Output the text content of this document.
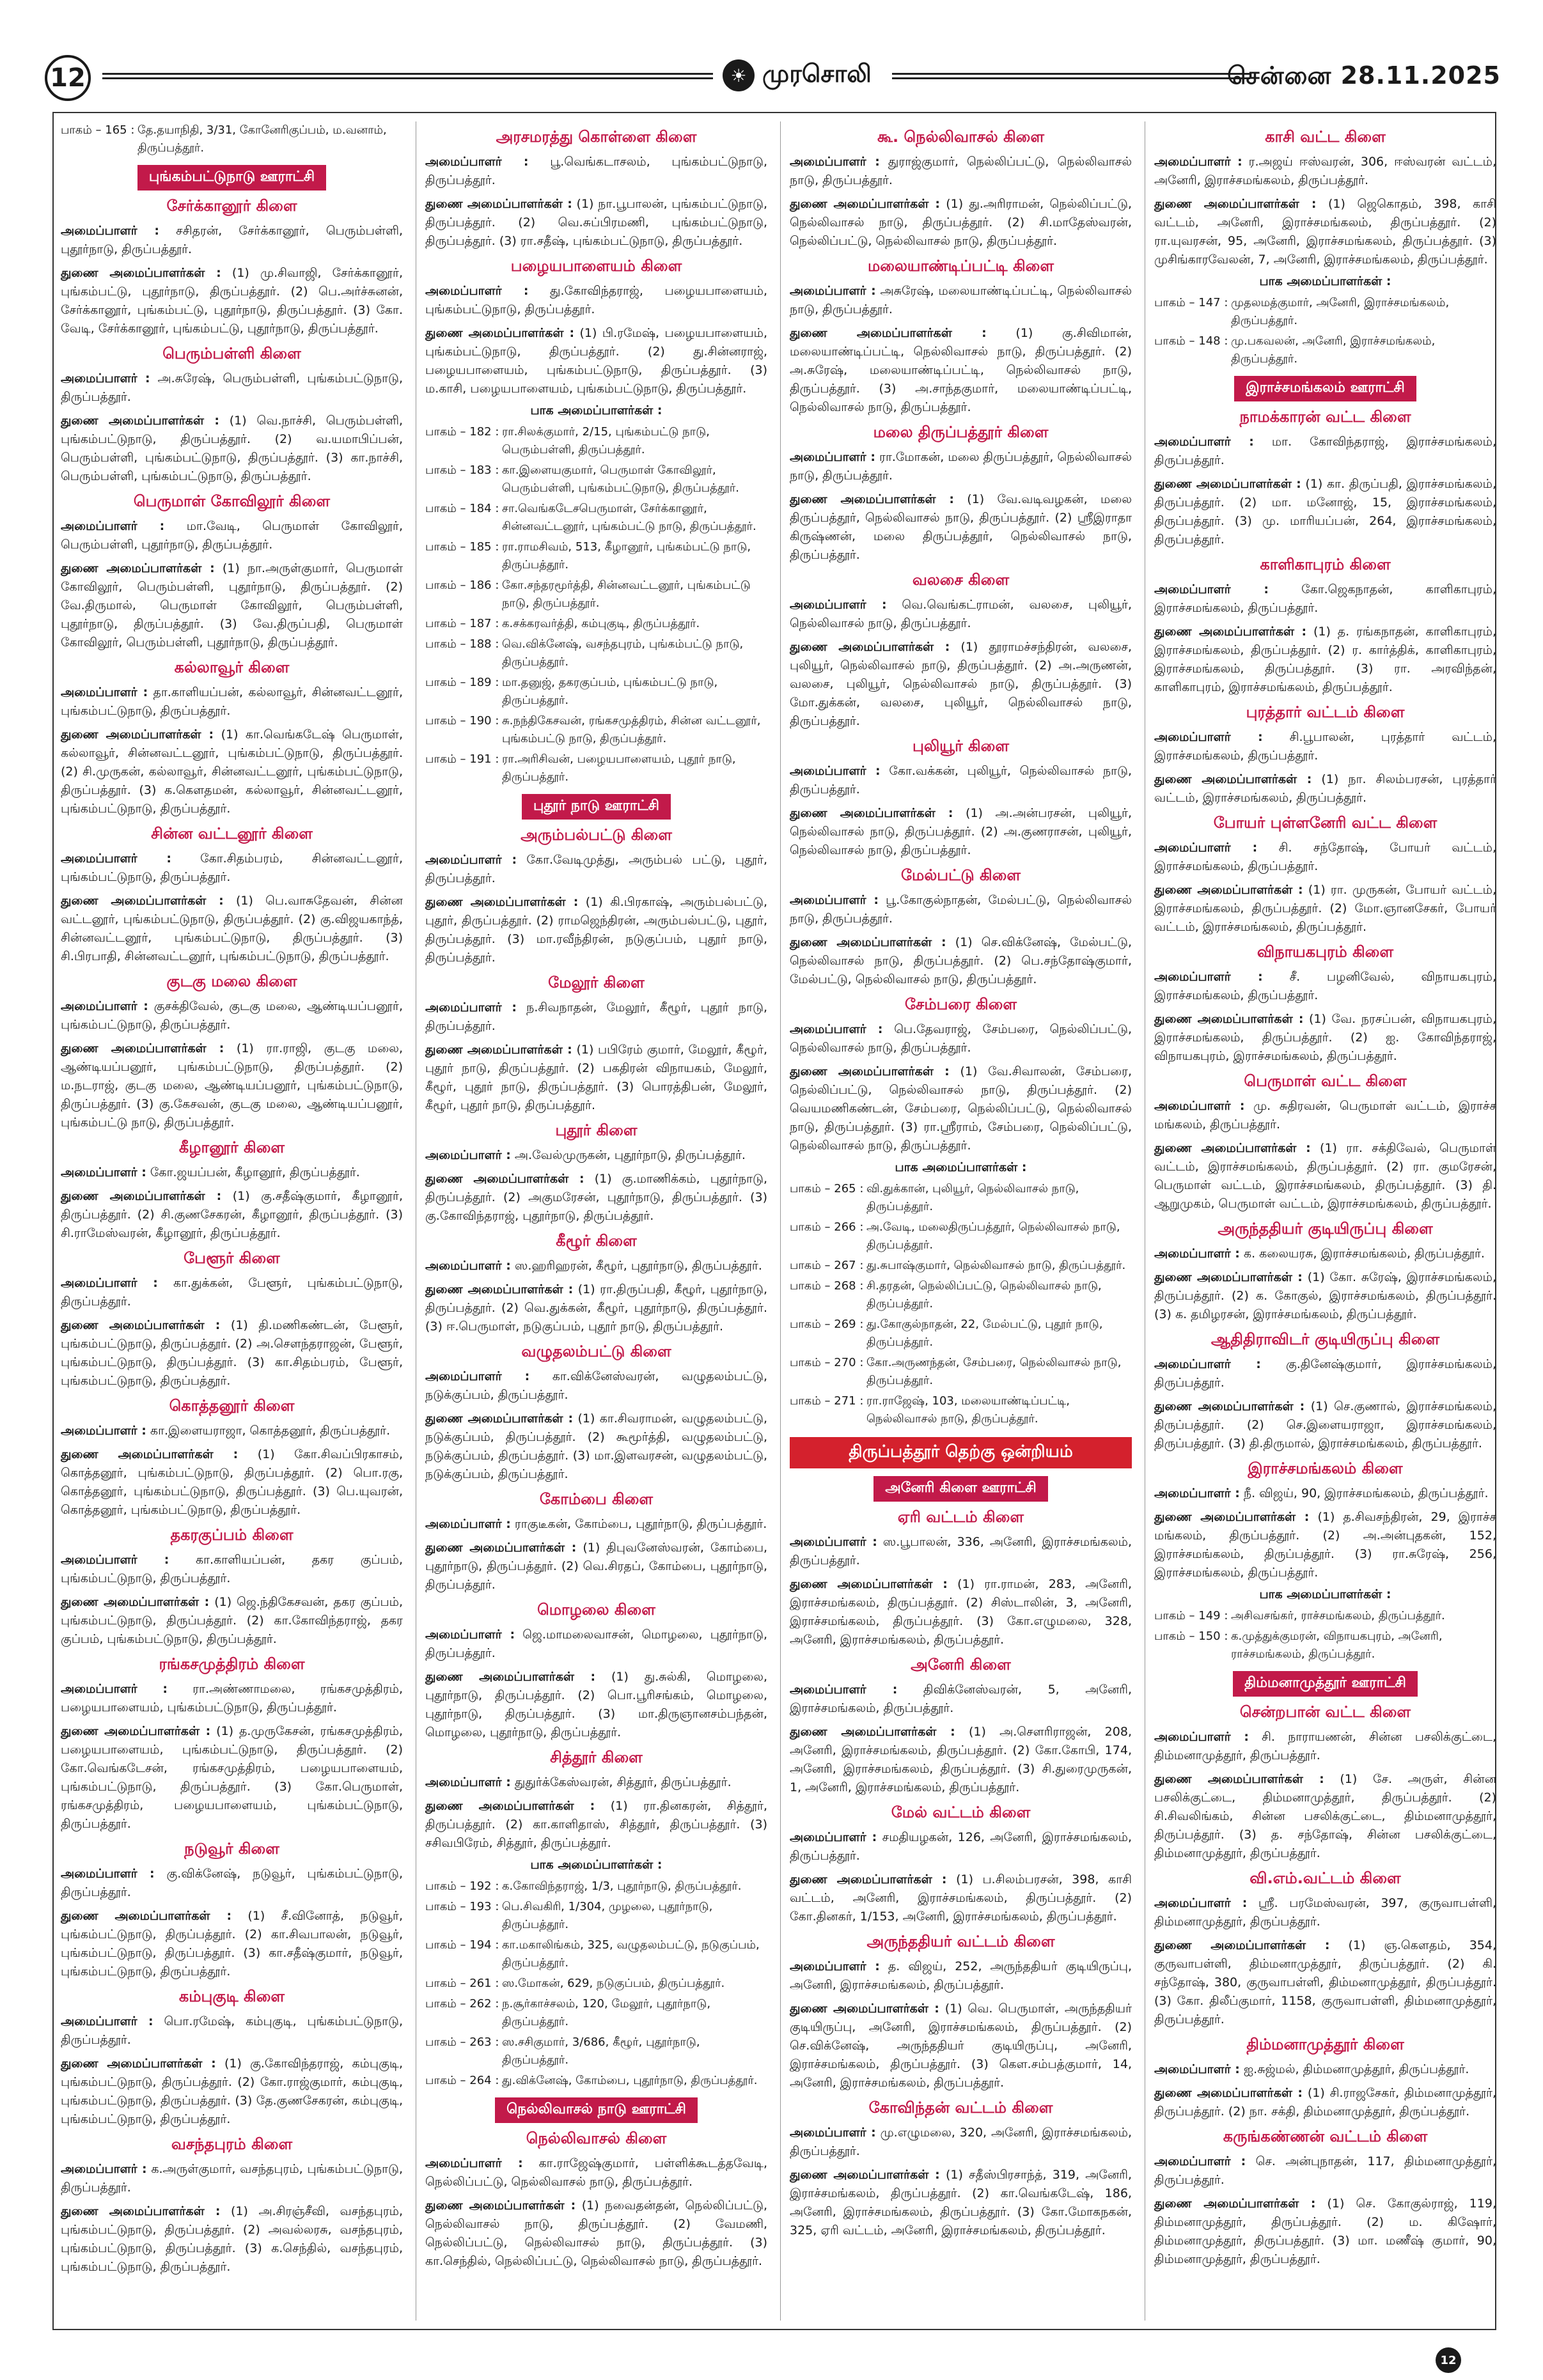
12	☀ முரசொலி	சென்னை 28.11.2025
பாகம் – 165 : தே.தயாநிதி, 3/31, கோனேரிகுப்பம், ம.வனாம், திருப்பத்தூர்.
புங்கம்பட்டுநாடு ஊராட்சி
சேர்க்கானூர் கிளை
அமைப்பாளர் : சசிதரன், சேர்க்கானூர், பெரும்பள்ளி, புதூர்நாடு, திருப்பத்தூர்.
துணை அமைப்பாளர்கள் : (1) மு.சிவாஜி, சேர்க்கானூர், புங்கம்பட்டு, புதூர்நாடு, திருப்பத்தூர். (2) பெ.அர்ச்சுனன், சேர்க்கானூர், புங்கம்பட்டு, புதூர்நாடு, திருப்பத்தூர். (3) கோ. வேடி, சேர்க்கானூர், புங்கம்பட்டு, புதூர்நாடு, திருப்பத்தூர்.
பெரும்பள்ளி கிளை
அமைப்பாளர் : அ.சுரேஷ், பெரும்பள்ளி, புங்கம்பட்டுநாடு, திருப்பத்தூர்.
துணை அமைப்பாளர்கள் : (1) வெ.நாச்சி, பெரும்பள்ளி, புங்கம்பட்டுநாடு, திருப்பத்தூர். (2) வ.யமாபிப்பன், பெரும்பள்ளி, புங்கம்பட்டுநாடு, திருப்பத்தூர். (3) கா.நாச்சி, பெரும்பள்ளி, புங்கம்பட்டுநாடு, திருப்பத்தூர்.
பெருமாள் கோவிலூர் கிளை
அமைப்பாளர் : மா.வேடி, பெருமாள் கோவிலூர், பெரும்பள்ளி, புதூர்நாடு, திருப்பத்தூர்.
துணை அமைப்பாளர்கள் : (1) நா.அருள்குமார், பெருமாள் கோவிலூர், பெரும்பள்ளி, புதூர்நாடு, திருப்பத்தூர். (2) வே.திருமால், பெருமாள் கோவிலூர், பெரும்பள்ளி, புதூர்நாடு, திருப்பத்தூர். (3) வே.திருப்பதி, பெருமாள் கோவிலூர், பெரும்பள்ளி, புதூர்நாடு, திருப்பத்தூர்.
கல்லாவூர் கிளை
அமைப்பாளர் : தா.காளியப்பன், கல்லாவூர், சின்னவட்டனூர், புங்கம்பட்டுநாடு, திருப்பத்தூர்.
துணை அமைப்பாளர்கள் : (1) கா.வெங்கடேஷ் பெருமாள், கல்லாவூர், சின்னவட்டனூர், புங்கம்பட்டுநாடு, திருப்பத்தூர். (2) சி.முருகன், கல்லாவூர், சின்னவட்டனூர், புங்கம்பட்டுநாடு, திருப்பத்தூர். (3) க.கௌதமன், கல்லாவூர், சின்னவட்டனூர், புங்கம்பட்டுநாடு, திருப்பத்தூர்.
சின்ன வட்டனூர் கிளை
அமைப்பாளர் : கோ.சிதம்பரம், சின்னவட்டனூர், புங்கம்பட்டுநாடு, திருப்பத்தூர்.
துணை அமைப்பாளர்கள் : (1) பெ.வாசுதேவன், சின்ன வட்டனூர், புங்கம்பட்டுநாடு, திருப்பத்தூர். (2) கு.விஜயகாந்த், சின்னவட்டனூர், புங்கம்பட்டுநாடு, திருப்பத்தூர். (3) சி.பிரபாதி, சின்னவட்டனூர், புங்கம்பட்டுநாடு, திருப்பத்தூர்.
குடகு மலை கிளை
அமைப்பாளர் : குசக்திவேல், குடகு மலை, ஆண்டியப்பனூர், புங்கம்பட்டுநாடு, திருப்பத்தூர்.
துணை அமைப்பாளர்கள் : (1) ரா.ராஜி, குடகு மலை, ஆண்டியப்பனூர், புங்கம்பட்டுநாடு, திருப்பத்தூர். (2) ம.நடராஜ், குடகு மலை, ஆண்டியப்பனூர், புங்கம்பட்டுநாடு, திருப்பத்தூர். (3) கு.கேசவன், குடகு மலை, ஆண்டியப்பனூர், புங்கம்பட்டு நாடு, திருப்பத்தூர்.
கீழானூர் கிளை
அமைப்பாளர் : கோ.ஜயப்பன், கீழானூர், திருப்பத்தூர்.
துணை அமைப்பாளர்கள் : (1) கு.சதீஷ்குமார், கீழானூர், திருப்பத்தூர். (2) சி.குணசேகரன், கீழானூர், திருப்பத்தூர். (3) சி.ராமேஸ்வரன், கீழானூர், திருப்பத்தூர்.
பேளூர் கிளை
அமைப்பாளர் : கா.துக்கன், பேளூர், புங்கம்பட்டுநாடு, திருப்பத்தூர்.
துணை அமைப்பாளர்கள் : (1) தி.மணிகண்டன், பேளூர், புங்கம்பட்டுநாடு, திருப்பத்தூர். (2) அ.சௌந்தராஜன், பேளூர், புங்கம்பட்டுநாடு, திருப்பத்தூர். (3) கா.சிதம்பரம், பேளூர், புங்கம்பட்டுநாடு, திருப்பத்தூர்.
கொத்தனூர் கிளை
அமைப்பாளர் : கா.இளையராஜா, கொத்தனூர், திருப்பத்தூர்.
துணை அமைப்பாளர்கள் : (1) கோ.சிவப்பிரகாசம், கொத்தனூர், புங்கம்பட்டுநாடு, திருப்பத்தூர். (2) பொ.ரகு, கொத்தனூர், புங்கம்பட்டுநாடு, திருப்பத்தூர். (3) பெ.யுவரன், கொத்தனூர், புங்கம்பட்டுநாடு, திருப்பத்தூர்.
தகரகுப்பம் கிளை
அமைப்பாளர் : கா.காளியப்பன், தகர குப்பம், புங்கம்பட்டுநாடு, திருப்பத்தூர்.
துணை அமைப்பாளர்கள் : (1) ஜெ.ந்திகேசவன், தகர குப்பம், புங்கம்பட்டுநாடு, திருப்பத்தூர். (2) கா.கோவிந்தராஜ், தகர குப்பம், புங்கம்பட்டுநாடு, திருப்பத்தூர்.
ரங்கசமுத்திரம் கிளை
அமைப்பாளர் : ரா.அண்ணாமலை, ரங்கசமுத்திரம், பழையபாளையம், புங்கம்பட்டுநாடு, திருப்பத்தூர்.
துணை அமைப்பாளர்கள் : (1) த.முருகேசன், ரங்கசமுத்திரம், பழையபாளையம், புங்கம்பட்டுநாடு, திருப்பத்தூர். (2) கோ.வெங்கடேசன், ரங்கசமுத்திரம், பழையபாளையம், புங்கம்பட்டுநாடு, திருப்பத்தூர். (3) கோ.பெருமாள், ரங்கசமுத்திரம், பழையபாளையம், புங்கம்பட்டுநாடு, திருப்பத்தூர்.
நடுவூர் கிளை
அமைப்பாளர் : கு.விக்னேஷ், நடுவூர், புங்கம்பட்டுநாடு, திருப்பத்தூர்.
துணை அமைப்பாளர்கள் : (1) சீ.வினோத், நடுவூர், புங்கம்பட்டுநாடு, திருப்பத்தூர். (2) கா.சிவபாலன், நடுவூர், புங்கம்பட்டுநாடு, திருப்பத்தூர். (3) கா.சதீஷ்குமார், நடுவூர், புங்கம்பட்டுநாடு, திருப்பத்தூர்.
கம்புகுடி கிளை
அமைப்பாளர் : பொ.ரமேஷ், கம்புகுடி, புங்கம்பட்டுநாடு, திருப்பத்தூர்.
துணை அமைப்பாளர்கள் : (1) கு.கோவிந்தராஜ், கம்புகுடி, புங்கம்பட்டுநாடு, திருப்பத்தூர். (2) கோ.ராஜ்குமார், கம்புகுடி, புங்கம்பட்டுநாடு, திருப்பத்தூர். (3) தே.குணசேகரன், கம்புகுடி, புங்கம்பட்டுநாடு, திருப்பத்தூர்.
வசந்தபுரம் கிளை
அமைப்பாளர் : க.அருள்குமார், வசந்தபுரம், புங்கம்பட்டுநாடு, திருப்பத்தூர்.
துணை அமைப்பாளர்கள் : (1) அ.சிரஞ்சீவி, வசந்தபுரம், புங்கம்பட்டுநாடு, திருப்பத்தூர். (2) அவல்லரசு, வசந்தபுரம், புங்கம்பட்டுநாடு, திருப்பத்தூர். (3) க.செந்தில், வசந்தபுரம், புங்கம்பட்டுநாடு, திருப்பத்தூர்.
அரசமரத்து கொள்ளை கிளை
அமைப்பாளர் : பூ.வெங்கடாசலம், புங்கம்பட்டுநாடு, திருப்பத்தூர்.
துணை அமைப்பாளர்கள் : (1) நா.பூபாலன், புங்கம்பட்டுநாடு, திருப்பத்தூர். (2) வெ.சுப்பிரமணி, புங்கம்பட்டுநாடு, திருப்பத்தூர். (3) ரா.சதீஷ், புங்கம்பட்டுநாடு, திருப்பத்தூர்.
பழையபாளையம் கிளை
அமைப்பாளர் : து.கோவிந்தராஜ், பழையபாளையம், புங்கம்பட்டுநாடு, திருப்பத்தூர்.
துணை அமைப்பாளர்கள் : (1) பி.ரமேஷ், பழையபாளையம், புங்கம்பட்டுநாடு, திருப்பத்தூர். (2) து.சின்னராஜ், பழையபாளையம், புங்கம்பட்டுநாடு, திருப்பத்தூர். (3) ம.காசி, பழையபாளையம், புங்கம்பட்டுநாடு, திருப்பத்தூர்.
பாக அமைப்பாளர்கள் :
பாகம் – 182 : ரா.சிலக்குமார், 2/15, புங்கம்பட்டு நாடு, பெரும்பள்ளி, திருப்பத்தூர்.
பாகம் – 183 : கா.இளையகுமார், பெருமாள் கோவிலூர், பெரும்பள்ளி, புங்கம்பட்டுநாடு, திருப்பத்தூர்.
பாகம் – 184 : சா.வெங்கடேசபெருமாள், சேர்க்கானூர், சின்னவட்டனூர், புங்கம்பட்டு நாடு, திருப்பத்தூர்.
பாகம் – 185 : ரா.ராமசிவம், 513, கீழானூர், புங்கம்பட்டு நாடு, திருப்பத்தூர்.
பாகம் – 186 : கோ.சந்தரமூர்த்தி, சின்னவட்டனூர், புங்கம்பட்டு நாடு, திருப்பத்தூர்.
பாகம் – 187 : க.சக்கரவர்த்தி, கம்புகுடி, திருப்பத்தூர்.
பாகம் – 188 : வெ.விக்னேஷ், வசந்தபுரம், புங்கம்பட்டு நாடு, திருப்பத்தூர்.
பாகம் – 189 : மா.தனுஜ், தகரகுப்பம், புங்கம்பட்டு நாடு, திருப்பத்தூர்.
பாகம் – 190 : சு.நந்திகேசவன், ரங்கசமுத்திரம், சின்ன வட்டனூர், புங்கம்பட்டு நாடு, திருப்பத்தூர்.
பாகம் – 191 : ரா.அரிசிவன், பழையபாளையம், புதூர் நாடு, திருப்பத்தூர்.
புதூர் நாடு ஊராட்சி
அரும்பல்பட்டு கிளை
அமைப்பாளர் : கோ.வேடிமுத்து, அரும்பல் பட்டு, புதூர், திருப்பத்தூர்.
துணை அமைப்பாளர்கள் : (1) கி.பிரகாஷ், அரும்பல்பட்டு, புதூர், திருப்பத்தூர். (2) ராமஜெந்திரன், அரும்பல்பட்டு, புதூர், திருப்பத்தூர். (3) மா.ரவீந்திரன், நடுகுப்பம், புதூர் நாடு, திருப்பத்தூர்.
மேலூர் கிளை
அமைப்பாளர் : ந.சிவநாதன், மேலூர், கீழூர், புதூர் நாடு, திருப்பத்தூர்.
துணை அமைப்பாளர்கள் : (1) பபிரேம் குமார், மேலூர், கீழூர், புதூர் நாடு, திருப்பத்தூர். (2) பகதிரன் விநாயகம், மேலூர், கீழூர், புதூர் நாடு, திருப்பத்தூர். (3) பொரத்திபன், மேலூர், கீழூர், புதூர் நாடு, திருப்பத்தூர்.
புதூர் கிளை
அமைப்பாளர் : அ.வேல்முருகன், புதூர்நாடு, திருப்பத்தூர்.
துணை அமைப்பாளர்கள் : (1) கு.மாணிக்கம், புதூர்நாடு, திருப்பத்தூர். (2) அகுமரேசன், புதூர்நாடு, திருப்பத்தூர். (3) கு.கோவிந்தராஜ், புதூர்நாடு, திருப்பத்தூர்.
கீழூர் கிளை
அமைப்பாளர் : ஸ.ஹரிஹரன், கீழூர், புதூர்நாடு, திருப்பத்தூர்.
துணை அமைப்பாளர்கள் : (1) ரா.திருப்பதி, கீழூர், புதூர்நாடு, திருப்பத்தூர். (2) வெ.துக்கன், கீழூர், புதூர்நாடு, திருப்பத்தூர். (3) ஈ.பெருமாள், நடுகுப்பம், புதூர் நாடு, திருப்பத்தூர்.
வழுதலம்பட்டு கிளை
அமைப்பாளர் : கா.விக்னேஸ்வரன், வழுதலம்பட்டு, நடுக்குப்பம், திருப்பத்தூர்.
துணை அமைப்பாளர்கள் : (1) கா.சிவராமன், வழுதலம்பட்டு, நடுக்குப்பம், திருப்பத்தூர். (2) கூமூர்த்தி, வழுதலம்பட்டு, நடுக்குப்பம், திருப்பத்தூர். (3) மா.இளவரசன், வழுதலம்பட்டு, நடுக்குப்பம், திருப்பத்தூர்.
கோம்பை கிளை
அமைப்பாளர் : ராகுடீகன், கோம்பை, புதூர்நாடு, திருப்பத்தூர்.
துணை அமைப்பாளர்கள் : (1) திபுவனேஸ்வரன், கோம்பை, புதூர்நாடு, திருப்பத்தூர். (2) வெ.சிரதப், கோம்பை, புதூர்நாடு, திருப்பத்தூர்.
மொழலை கிளை
அமைப்பாளர் : ஜெ.மாமலைவாசன், மொழலை, புதூர்நாடு, திருப்பத்தூர்.
துணை அமைப்பாளர்கள் : (1) து.சுல்கி, மொழலை, புதூர்நாடு, திருப்பத்தூர். (2) பொ.பூரிசங்கம், மொழலை, புதூர்நாடு, திருப்பத்தூர். (3) மா.திருஞானசம்பந்தன், மொழலை, புதூர்நாடு, திருப்பத்தூர்.
சித்தூர் கிளை
அமைப்பாளர் : துதுர்க்கேஸ்வரன், சித்தூர், திருப்பத்தூர்.
துணை அமைப்பாளர்கள் : (1) ரா.தினகரன், சித்தூர், திருப்பத்தூர். (2) கா.காளிதாஸ், சித்தூர், திருப்பத்தூர். (3) சசிவபிரேம், சித்தூர், திருப்பத்தூர்.
பாக அமைப்பாளர்கள் :
பாகம் – 192 : க.கோவிந்தராஜ், 1/3, புதூர்நாடு, திருப்பத்தூர்.
பாகம் – 193 : பெ.சிவகிரி, 1/304, முழலை, புதூர்நாடு, திருப்பத்தூர்.
பாகம் – 194 : கா.மகாலிங்கம், 325, வழுதலம்பட்டு, நடுகுப்பம், திருப்பத்தூர்.
பாகம் – 261 : ஸ.மோகன், 629, நடுகுப்பம், திருப்பத்தூர்.
பாகம் – 262 : ந.சூர்காச்சலம், 120, மேலூர், புதூர்நாடு, திருப்பத்தூர்.
பாகம் – 263 : ஸ.சசிகுமார், 3/686, கீழூர், புதூர்நாடு, திருப்பத்தூர்.
பாகம் – 264 : து.விக்னேஷ், கோம்பை, புதூர்நாடு, திருப்பத்தூர்.
நெல்லிவாசல் நாடு ஊராட்சி
நெல்லிவாசல் கிளை
அமைப்பாளர் : கா.ராஜேஷ்குமார், பள்ளிக்கூடத்தவேடி, நெல்லிப்பட்டு, நெல்லிவாசல் நாடு, திருப்பத்தூர்.
துணை அமைப்பாளர்கள் : (1) நவைதன்தன், நெல்லிப்பட்டு, நெல்லிவாசல் நாடு, திருப்பத்தூர். (2) வேமணி, நெல்லிப்பட்டு, நெல்லிவாசல் நாடு, திருப்பத்தூர். (3) கா.செந்தில், நெல்லிப்பட்டு, நெல்லிவாசல் நாடு, திருப்பத்தூர்.
கூ. நெல்லிவாசல் கிளை
அமைப்பாளர் : துராஜ்குமார், நெல்லிப்பட்டு, நெல்லிவாசல் நாடு, திருப்பத்தூர்.
துணை அமைப்பாளர்கள் : (1) து.அரிராமன், நெல்லிப்பட்டு, நெல்லிவாசல் நாடு, திருப்பத்தூர். (2) சி.மாதேஸ்வரன், நெல்லிப்பட்டு, நெல்லிவாசல் நாடு, திருப்பத்தூர்.
மலையாண்டிப்பட்டி கிளை
அமைப்பாளர் : அசுரேஷ், மலையாண்டிப்பட்டி, நெல்லிவாசல் நாடு, திருப்பத்தூர்.
துணை அமைப்பாளர்கள் : (1) கு.சிவிமான், மலையாண்டிப்பட்டி, நெல்லிவாசல் நாடு, திருப்பத்தூர். (2) அ.சுரேஷ், மலையாண்டிப்பட்டி, நெல்லிவாசல் நாடு, திருப்பத்தூர். (3) அ.சாந்தகுமார், மலையாண்டிப்பட்டி, நெல்லிவாசல் நாடு, திருப்பத்தூர்.
மலை திருப்பத்தூர் கிளை
அமைப்பாளர் : ரா.மோகன், மலை திருப்பத்தூர், நெல்லிவாசல் நாடு, திருப்பத்தூர்.
துணை அமைப்பாளர்கள் : (1) வே.வடிவழகன், மலை திருப்பத்தூர், நெல்லிவாசல் நாடு, திருப்பத்தூர். (2) ஸ்ரீஇராதா கிருஷ்ணன், மலை திருப்பத்தூர், நெல்லிவாசல் நாடு, திருப்பத்தூர்.
வலசை கிளை
அமைப்பாளர் : வெ.வெங்கட்ராமன், வலசை, புலியூர், நெல்லிவாசல் நாடு, திருப்பத்தூர்.
துணை அமைப்பாளர்கள் : (1) தூராமச்சந்திரன், வலசை, புலியூர், நெல்லிவாசல் நாடு, திருப்பத்தூர். (2) அ.அருணன், வலசை, புலியூர், நெல்லிவாசல் நாடு, திருப்பத்தூர். (3) மோ.துக்கன், வலசை, புலியூர், நெல்லிவாசல் நாடு, திருப்பத்தூர்.
புலியூர் கிளை
அமைப்பாளர் : கோ.வக்கன், புலியூர், நெல்லிவாசல் நாடு, திருப்பத்தூர்.
துணை அமைப்பாளர்கள் : (1) அ.அன்பரசன், புலியூர், நெல்லிவாசல் நாடு, திருப்பத்தூர். (2) அ.குணராசன், புலியூர், நெல்லிவாசல் நாடு, திருப்பத்தூர்.
மேல்பட்டு கிளை
அமைப்பாளர் : பூ.கோகுல்நாதன், மேல்பட்டு, நெல்லிவாசல் நாடு, திருப்பத்தூர்.
துணை அமைப்பாளர்கள் : (1) செ.விக்னேஷ், மேல்பட்டு, நெல்லிவாசல் நாடு, திருப்பத்தூர். (2) பெ.சந்தோஷ்குமார், மேல்பட்டு, நெல்லிவாசல் நாடு, திருப்பத்தூர்.
சேம்பரை கிளை
அமைப்பாளர் : பெ.தேவராஜ், சேம்பரை, நெல்லிப்பட்டு, நெல்லிவாசல் நாடு, திருப்பத்தூர்.
துணை அமைப்பாளர்கள் : (1) வே.சிவாலன், சேம்பரை, நெல்லிப்பட்டு, நெல்லிவாசல் நாடு, திருப்பத்தூர். (2) வெயமணிகண்டன், சேம்பரை, நெல்லிப்பட்டு, நெல்லிவாசல் நாடு, திருப்பத்தூர். (3) ரா.ஸ்ரீராம், சேம்பரை, நெல்லிப்பட்டு, நெல்லிவாசல் நாடு, திருப்பத்தூர்.
பாக அமைப்பாளர்கள் :
பாகம் – 265 : வி.துக்கான், புலியூர், நெல்லிவாசல் நாடு, திருப்பத்தூர்.
பாகம் – 266 : அ.வேடி, மலைதிருப்பத்தூர், நெல்லிவாசல் நாடு, திருப்பத்தூர்.
பாகம் – 267 : து.சுபாஷ்குமார், நெல்லிவாசல் நாடு, திருப்பத்தூர்.
பாகம் – 268 : சி.தரதன், நெல்லிப்பட்டு, நெல்லிவாசல் நாடு, திருப்பத்தூர்.
பாகம் – 269 : து.கோகுல்நாதன், 22, மேல்பட்டு, புதூர் நாடு, திருப்பத்தூர்.
பாகம் – 270 : கோ.அருணந்தன், சேம்பரை, நெல்லிவாசல் நாடு, திருப்பத்தூர்.
பாகம் – 271 : ரா.ராஜேஷ், 103, மலையாண்டிப்பட்டி, நெல்லிவாசல் நாடு, திருப்பத்தூர்.
திருப்பத்தூர் தெற்கு ஒன்றியம்
அனேரி கிளை ஊராட்சி
ஏரி வட்டம் கிளை
அமைப்பாளர் : ஸ.பூபாலன், 336, அனேரி, இராச்சமங்கலம், திருப்பத்தூர்.
துணை அமைப்பாளர்கள் : (1) ரா.ராமன், 283, அனேரி, இராச்சமங்கலம், திருப்பத்தூர். (2) சிஸ்டாலின், 3, அனேரி, இராச்சமங்கலம், திருப்பத்தூர். (3) கோ.எழுமலை, 328, அனேரி, இராச்சமங்கலம், திருப்பத்தூர்.
அனேரி கிளை
அமைப்பாளர் : திவிக்னேஸ்வரன், 5, அனேரி, இராச்சமங்கலம், திருப்பத்தூர்.
துணை அமைப்பாளர்கள் : (1) அ.சௌரிராஜன், 208, அனேரி, இராச்சமங்கலம், திருப்பத்தூர். (2) கோ.கோபி, 174, அனேரி, இராச்சமங்கலம், திருப்பத்தூர். (3) சி.துரைமுருகன், 1, அனேரி, இராச்சமங்கலம், திருப்பத்தூர்.
மேல் வட்டம் கிளை
அமைப்பாளர் : சமதியழகன், 126, அனேரி, இராச்சமங்கலம், திருப்பத்தூர்.
துணை அமைப்பாளர்கள் : (1) ப.சிலம்பரசன், 398, காசி வட்டம், அனேரி, இராச்சமங்கலம், திருப்பத்தூர். (2) கோ.தினகர், 1/153, அனேரி, இராச்சமங்கலம், திருப்பத்தூர்.
அருந்ததியர் வட்டம் கிளை
அமைப்பாளர் : த. விஜய், 252, அருந்ததியர் குடியிருப்பு, அனேரி, இராச்சமங்கலம், திருப்பத்தூர்.
துணை அமைப்பாளர்கள் : (1) வெ. பெருமாள், அருந்ததியர் குடியிருப்பு, அனேரி, இராச்சமங்கலம், திருப்பத்தூர். (2) செ.விக்னேஷ், அருந்ததியர் குடியிருப்பு, அனேரி, இராச்சமங்கலம், திருப்பத்தூர். (3) கௌ.சம்பத்குமார், 14, அனேரி, இராச்சமங்கலம், திருப்பத்தூர்.
கோவிந்தன் வட்டம் கிளை
அமைப்பாளர் : மு.எழுமலை, 320, அனேரி, இராச்சமங்கலம், திருப்பத்தூர்.
துணை அமைப்பாளர்கள் : (1) சதீஸ்பிரசாந்த், 319, அனேரி, இராச்சமங்கலம், திருப்பத்தூர். (2) கா.வெங்கடேஷ், 186, அனேரி, இராச்சமங்கலம், திருப்பத்தூர். (3) கோ.மோகநகன், 325, ஏரி வட்டம், அனேரி, இராச்சமங்கலம், திருப்பத்தூர்.
காசி வட்ட கிளை
அமைப்பாளர் : ர.அஜய் ஈஸ்வரன், 306, ஈஸ்வரன் வட்டம், அனேரி, இராச்சமங்கலம், திருப்பத்தூர்.
துணை அமைப்பாளர்கள் : (1) ஜெகொதம், 398, காசி வட்டம், அனேரி, இராச்சமங்கலம், திருப்பத்தூர். (2) ரா.யுவரசன், 95, அனேரி, இராச்சமங்கலம், திருப்பத்தூர். (3) முசிங்காரவேலன், 7, அனேரி, இராச்சமங்கலம், திருப்பத்தூர்.
பாக அமைப்பாளர்கள் :
பாகம் – 147 : முதலமத்குமார், அனேரி, இராச்சமங்கலம், திருப்பத்தூர்.
பாகம் – 148 : மு.பகவலன், அனேரி, இராச்சமங்கலம், திருப்பத்தூர்.
இராச்சமங்கலம் ஊராட்சி
நாமக்காரன் வட்ட கிளை
அமைப்பாளர் : மா. கோவிந்தராஜ், இராச்சமங்கலம், திருப்பத்தூர்.
துணை அமைப்பாளர்கள் : (1) கா. திருப்பதி, இராச்சமங்கலம், திருப்பத்தூர். (2) மா. மனோஜ், 15, இராச்சமங்கலம், திருப்பத்தூர். (3) மு. மாரியப்பன், 264, இராச்சமங்கலம், திருப்பத்தூர்.
காளிகாபுரம் கிளை
அமைப்பாளர் :	கோ.ஜெகநாதன், காளிகாபுரம், இராச்சமங்கலம், திருப்பத்தூர்.
துணை அமைப்பாளர்கள் : (1) த. ரங்கநாதன், காளிகாபுரம், இராச்சமங்கலம், திருப்பத்தூர். (2) ர. கார்த்திக், காளிகாபுரம், இராச்சமங்கலம், திருப்பத்தூர். (3) ரா. அரவிந்தன், காளிகாபுரம், இராச்சமங்கலம், திருப்பத்தூர்.
புரத்தார் வட்டம் கிளை
அமைப்பாளர் : சி.பூபாலன், புரத்தார் வட்டம், இராச்சமங்கலம், திருப்பத்தூர்.
துணை அமைப்பாளர்கள் : (1) நா. சிலம்பரசன், புரத்தார் வட்டம், இராச்சமங்கலம், திருப்பத்தூர்.
போயர் புள்ளனேரி வட்ட கிளை
அமைப்பாளர் : சி. சந்தோஷ், போயர் வட்டம், இராச்சமங்கலம், திருப்பத்தூர்.
துணை அமைப்பாளர்கள் : (1) ரா. முருகன், போயர் வட்டம், இராச்சமங்கலம், திருப்பத்தூர். (2) மோ.ஞானசேகர், போயர் வட்டம், இராச்சமங்கலம், திருப்பத்தூர்.
விநாயகபுரம் கிளை
அமைப்பாளர் : சீ. பழனிவேல், விநாயகபுரம், இராச்சமங்கலம், திருப்பத்தூர்.
துணை அமைப்பாளர்கள் : (1) வே. நரசப்பன், விநாயகபுரம், இராச்சமங்கலம், திருப்பத்தூர். (2) ஐ. கோவிந்தராஜ், விநாயகபுரம், இராச்சமங்கலம், திருப்பத்தூர்.
பெருமாள் வட்ட கிளை
அமைப்பாளர் : மு. சுதிரவன், பெருமாள் வட்டம், இராச்ச மங்கலம், திருப்பத்தூர்.
துணை அமைப்பாளர்கள் : (1) ரா. சக்திவேல், பெருமாள் வட்டம், இராச்சமங்கலம், திருப்பத்தூர். (2) ரா. குமரேசன், பெருமாள் வட்டம், இராச்சமங்கலம், திருப்பத்தூர். (3) தி. ஆறுமுகம், பெருமாள் வட்டம், இராச்சமங்கலம், திருப்பத்தூர்.
அருந்ததியர் குடியிருப்பு கிளை
அமைப்பாளர் : க. கலையரசு, இராச்சமங்கலம், திருப்பத்தூர்.
துணை அமைப்பாளர்கள் : (1) கோ. சுரேஷ், இராச்சமங்கலம், திருப்பத்தூர். (2) க. கோகுல், இராச்சமங்கலம், திருப்பத்தூர். (3) க. தமிழரசன், இராச்சமங்கலம், திருப்பத்தூர்.
ஆதிதிராவிடர் குடியிருப்பு கிளை
அமைப்பாளர் : கு.தினேஷ்குமார், இராச்சமங்கலம், திருப்பத்தூர்.
துணை அமைப்பாளர்கள் : (1) செ.குணால், இராச்சமங்கலம், திருப்பத்தூர். (2) செ.இளையராஜா, இராச்சமங்கலம், திருப்பத்தூர். (3) தி.திருமால், இராச்சமங்கலம், திருப்பத்தூர்.
இராச்சமங்கலம் கிளை
அமைப்பாளர் : நீ. விஜய், 90, இராச்சமங்கலம், திருப்பத்தூர்.
துணை அமைப்பாளர்கள் : (1) த.சிவசந்திரன், 29, இராச்ச மங்கலம், திருப்பத்தூர். (2) அ.அன்புதகன், 152, இராச்சமங்கலம், திருப்பத்தூர். (3) ரா.சுரேஷ், 256, இராச்சமங்கலம், திருப்பத்தூர்.
பாக அமைப்பாளர்கள் :
பாகம் – 149 : அசிவசங்கர், ராச்சமங்கலம், திருப்பத்தூர்.
பாகம் – 150 : க.முத்துக்குமரன், விநாயகபுரம், அனேரி, ராச்சமங்கலம், திருப்பத்தூர்.
திம்மனாமுத்தூர் ஊராட்சி
சென்றபான் வட்ட கிளை
அமைப்பாளர் : சி. நாராயணன், சின்ன பசலிக்குட்டை, திம்மனாமுத்தூர், திருப்பத்தூர்.
துணை அமைப்பாளர்கள் : (1) சே. அருள், சின்ன பசலிக்குட்டை, திம்மனாமுத்தூர், திருப்பத்தூர். (2) சி.சிவலிங்கம், சின்ன பசலிக்குட்டை, திம்மனாமுத்தூர், திருப்பத்தூர். (3) த. சந்தோஷ், சின்ன பசலிக்குட்டை, திம்மனாமுத்தூர், திருப்பத்தூர்.
வி.எம்.வட்டம் கிளை
அமைப்பாளர் : ஸ்ரீ. பரமேஸ்வரன், 397, குருவாபள்ளி, திம்மனாமுத்தூர், திருப்பத்தூர்.
துணை அமைப்பாளர்கள் : (1) ஞ.கௌதம், 354, குருவாபள்ளி, திம்மனாமுத்தூர், திருப்பத்தூர். (2) கி. சந்தோஷ், 380, குருவாபள்ளி, திம்மனாமுத்தூர், திருப்பத்தூர். (3) கோ. திலீப்குமார், 1158, குருவாபள்ளி, திம்மனாமுத்தூர், திருப்பத்தூர்.
திம்மனாமுத்தூர் கிளை
அமைப்பாளர் : ஐ.சுஜ்மல், திம்மனாமுத்தூர், திருப்பத்தூர்.
துணை அமைப்பாளர்கள் : (1) சி.ராஜசேகர், திம்மனாமுத்தூர், திருப்பத்தூர். (2) நா. சக்தி, திம்மனாமுத்தூர், திருப்பத்தூர்.
கருங்கண்ணன் வட்டம் கிளை
அமைப்பாளர் : செ. அன்புநாதன், 117, திம்மனாமுத்தூர், திருப்பத்தூர்.
துணை அமைப்பாளர்கள் : (1) செ. கோகுல்ராஜ், 119, திம்மனாமுத்தூர், திருப்பத்தூர். (2) ம. கிஷோர், திம்மனாமுத்தூர், திருப்பத்தூர். (3) மா. மணீஷ் குமார், 90, திம்மனாமுத்தூர், திருப்பத்தூர்.
12
